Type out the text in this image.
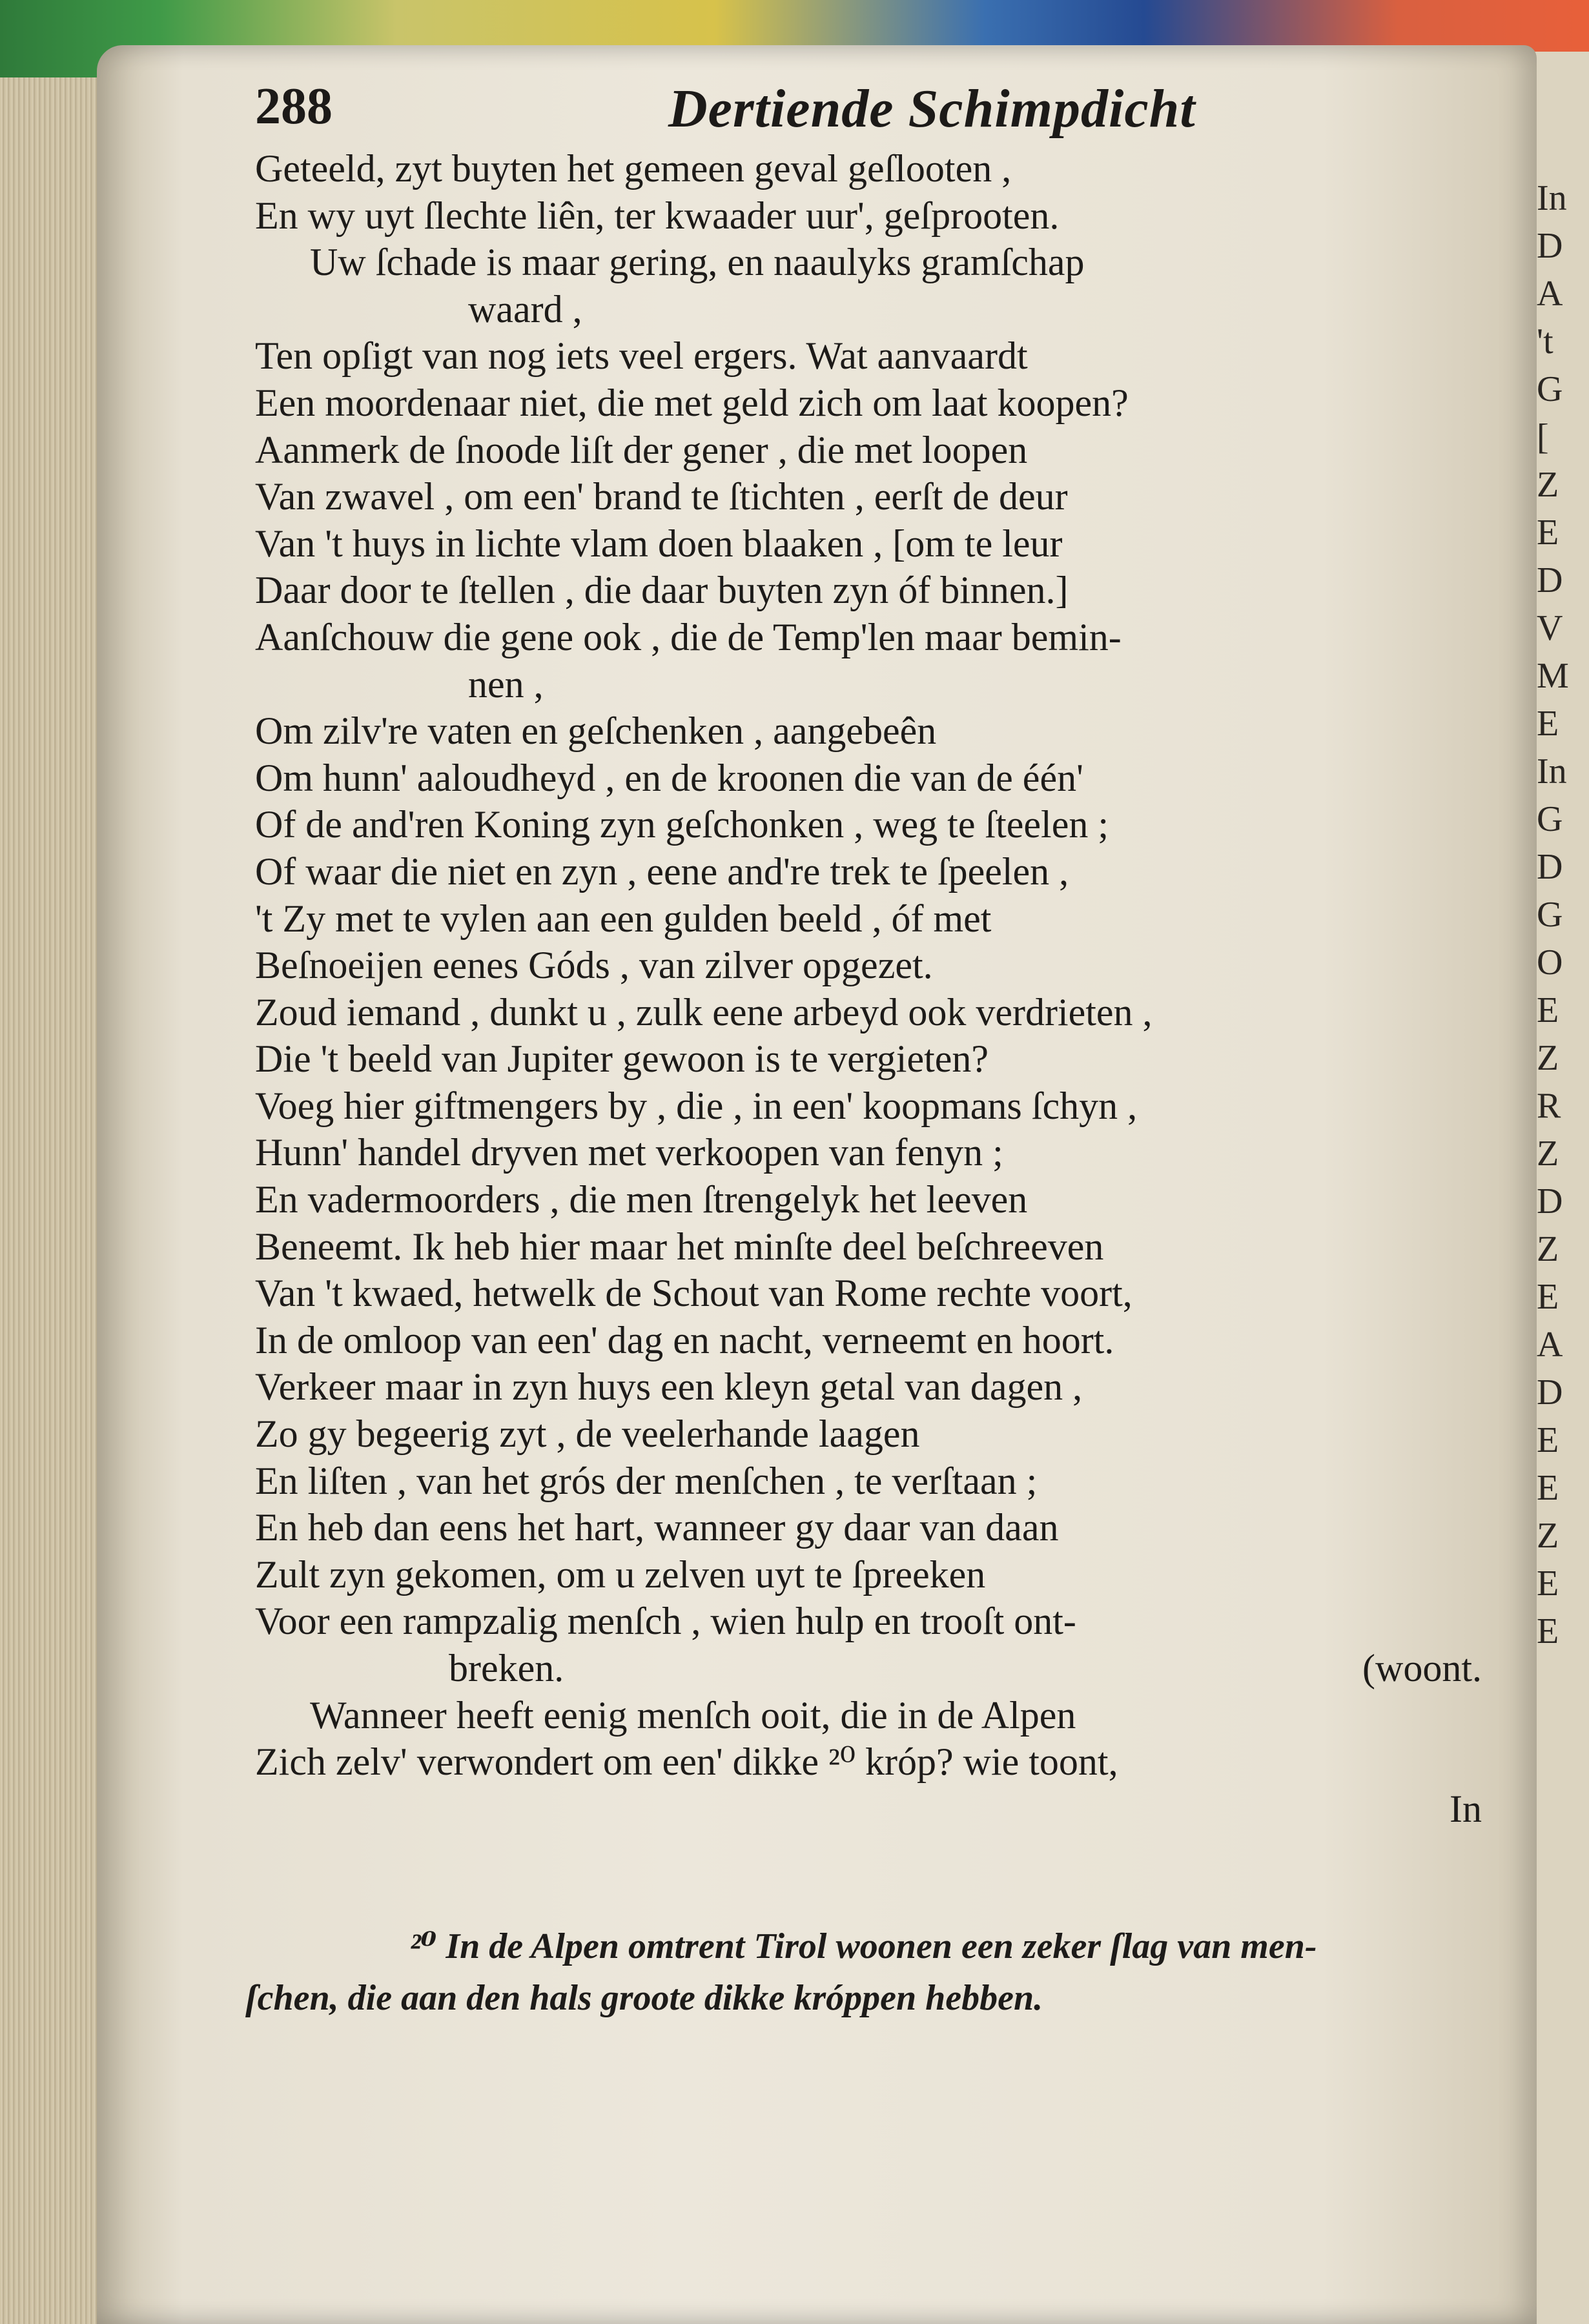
In
D
A
't
G
[
Z
E
D
V
M
E
In
G
D
G
O
E
Z
R
Z
D
Z
E
A
D
E
E
Z
E
E
288	Dertiende Schimpdicht
Geteeld, zyt buyten het gemeen geval geſlooten ,
En wy uyt ſlechte liên, ter kwaader uur', geſprooten.
Uw ſchade is maar gering, en naaulyks gramſchap
waard ,
Ten opſigt van nog iets veel ergers. Wat aanvaardt
Een moordenaar niet, die met geld zich om laat koopen?
Aanmerk de ſnoode liſt der gener , die met loopen
Van zwavel , om een' brand te ſtichten , eerſt de deur
Van 't huys in lichte vlam doen blaaken , [om te leur
Daar door te ſtellen , die daar buyten zyn óf binnen.]
Aanſchouw die gene ook , die de Temp'len maar bemin-
nen ,
Om zilv're vaten en geſchenken , aangebeên
Om hunn' aaloudheyd , en de kroonen die van de één'
Of de and'ren Koning zyn geſchonken , weg te ſteelen ;
Of waar die niet en zyn , eene and're trek te ſpeelen ,
't Zy met te vylen aan een gulden beeld , óf met
Beſnoeijen eenes Góds , van zilver opgezet.
Zoud iemand , dunkt u , zulk eene arbeyd ook verdrieten ,
Die 't beeld van Jupiter gewoon is te vergieten?
Voeg hier giftmengers by , die , in een' koopmans ſchyn ,
Hunn' handel dryven met verkoopen van fenyn ;
En vadermoorders , die men ſtrengelyk het leeven
Beneemt. Ik heb hier maar het minſte deel beſchreeven
Van 't kwaed, hetwelk de Schout van Rome rechte voort,
In de omloop van een' dag en nacht, verneemt en hoort.
Verkeer maar in zyn huys een kleyn getal van dagen ,
Zo gy begeerig zyt , de veelerhande laagen
En liſten , van het grós der menſchen , te verſtaan ;
En heb dan eens het hart, wanneer gy daar van daan
Zult zyn gekomen, om u zelven uyt te ſpreeken
Voor een rampzalig menſch , wien hulp en trooſt ont-
breken.	(woont.
Wanneer heeft eenig menſch ooit, die in de Alpen
Zich zelv' verwondert om een' dikke ²⁰ króp? wie toont,
In
²⁰ In de Alpen omtrent Tirol woonen een zeker ſlag van men-
ſchen, die aan den hals groote dikke króppen hebben.
